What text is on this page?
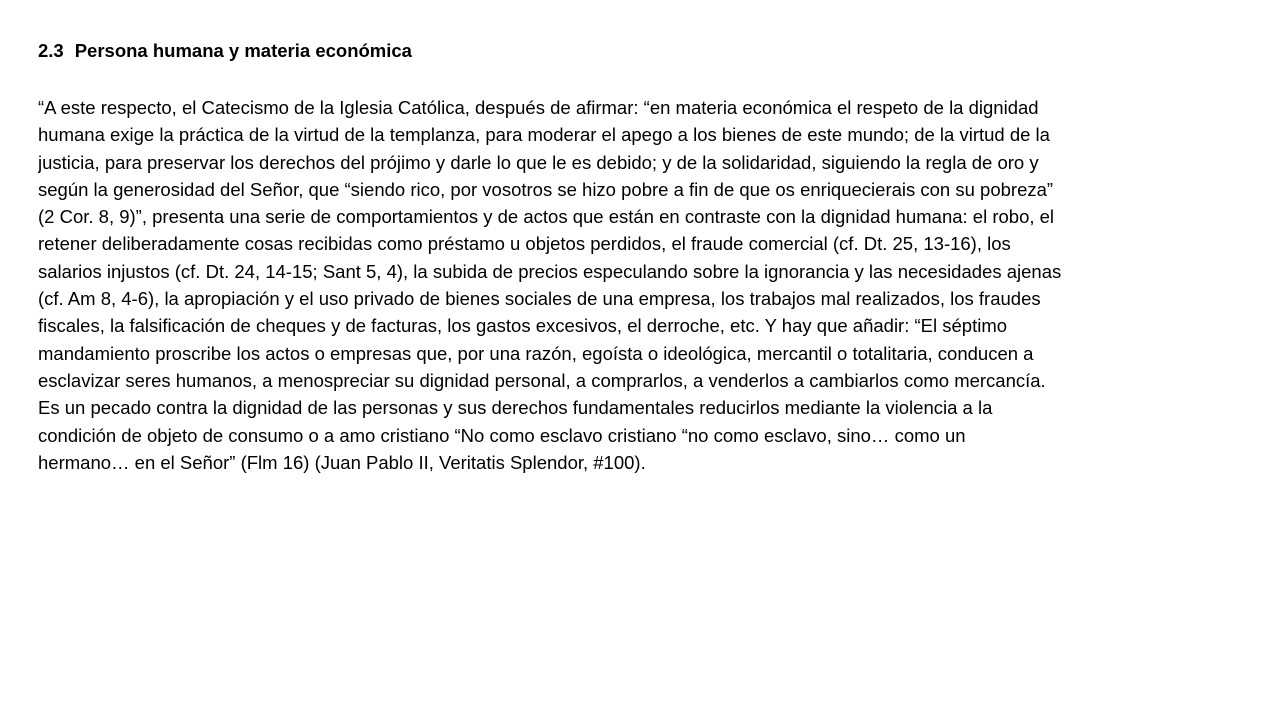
2.3 Persona humana y materia económica
“A este respecto, el Catecismo de la Iglesia Católica, después de afirmar: “en materia económica el respeto de la dignidad
humana exige la práctica de la virtud de la templanza, para moderar el apego a los bienes de este mundo; de la virtud de la
justicia, para preservar los derechos del prójimo y darle lo que le es debido; y de la solidaridad, siguiendo la regla de oro y
según la generosidad del Señor, que “siendo rico, por vosotros se hizo pobre a fin de que os enriquecierais con su pobreza”
(2 Cor. 8, 9)”, presenta una serie de comportamientos y de actos que están en contraste con la dignidad humana: el robo, el
retener deliberadamente cosas recibidas como préstamo u objetos perdidos, el fraude comercial (cf. Dt. 25, 13-16), los
salarios injustos (cf. Dt. 24, 14-15; Sant 5, 4), la subida de precios especulando sobre la ignorancia y las necesidades ajenas
(cf. Am 8, 4-6), la apropiación y el uso privado de bienes sociales de una empresa, los trabajos mal realizados, los fraudes
fiscales, la falsificación de cheques y de facturas, los gastos excesivos, el derroche, etc. Y hay que añadir: “El séptimo
mandamiento proscribe los actos o empresas que, por una razón, egoísta o ideológica, mercantil o totalitaria, conducen a
esclavizar seres humanos, a menospreciar su dignidad personal, a comprarlos, a venderlos a cambiarlos como mercancía.
Es un pecado contra la dignidad de las personas y sus derechos fundamentales reducirlos mediante la violencia a la
condición de objeto de consumo o a amo cristiano “No como esclavo cristiano “no como esclavo, sino… como un
hermano… en el Señor” (Flm 16) (Juan Pablo II, Veritatis Splendor, #100).
